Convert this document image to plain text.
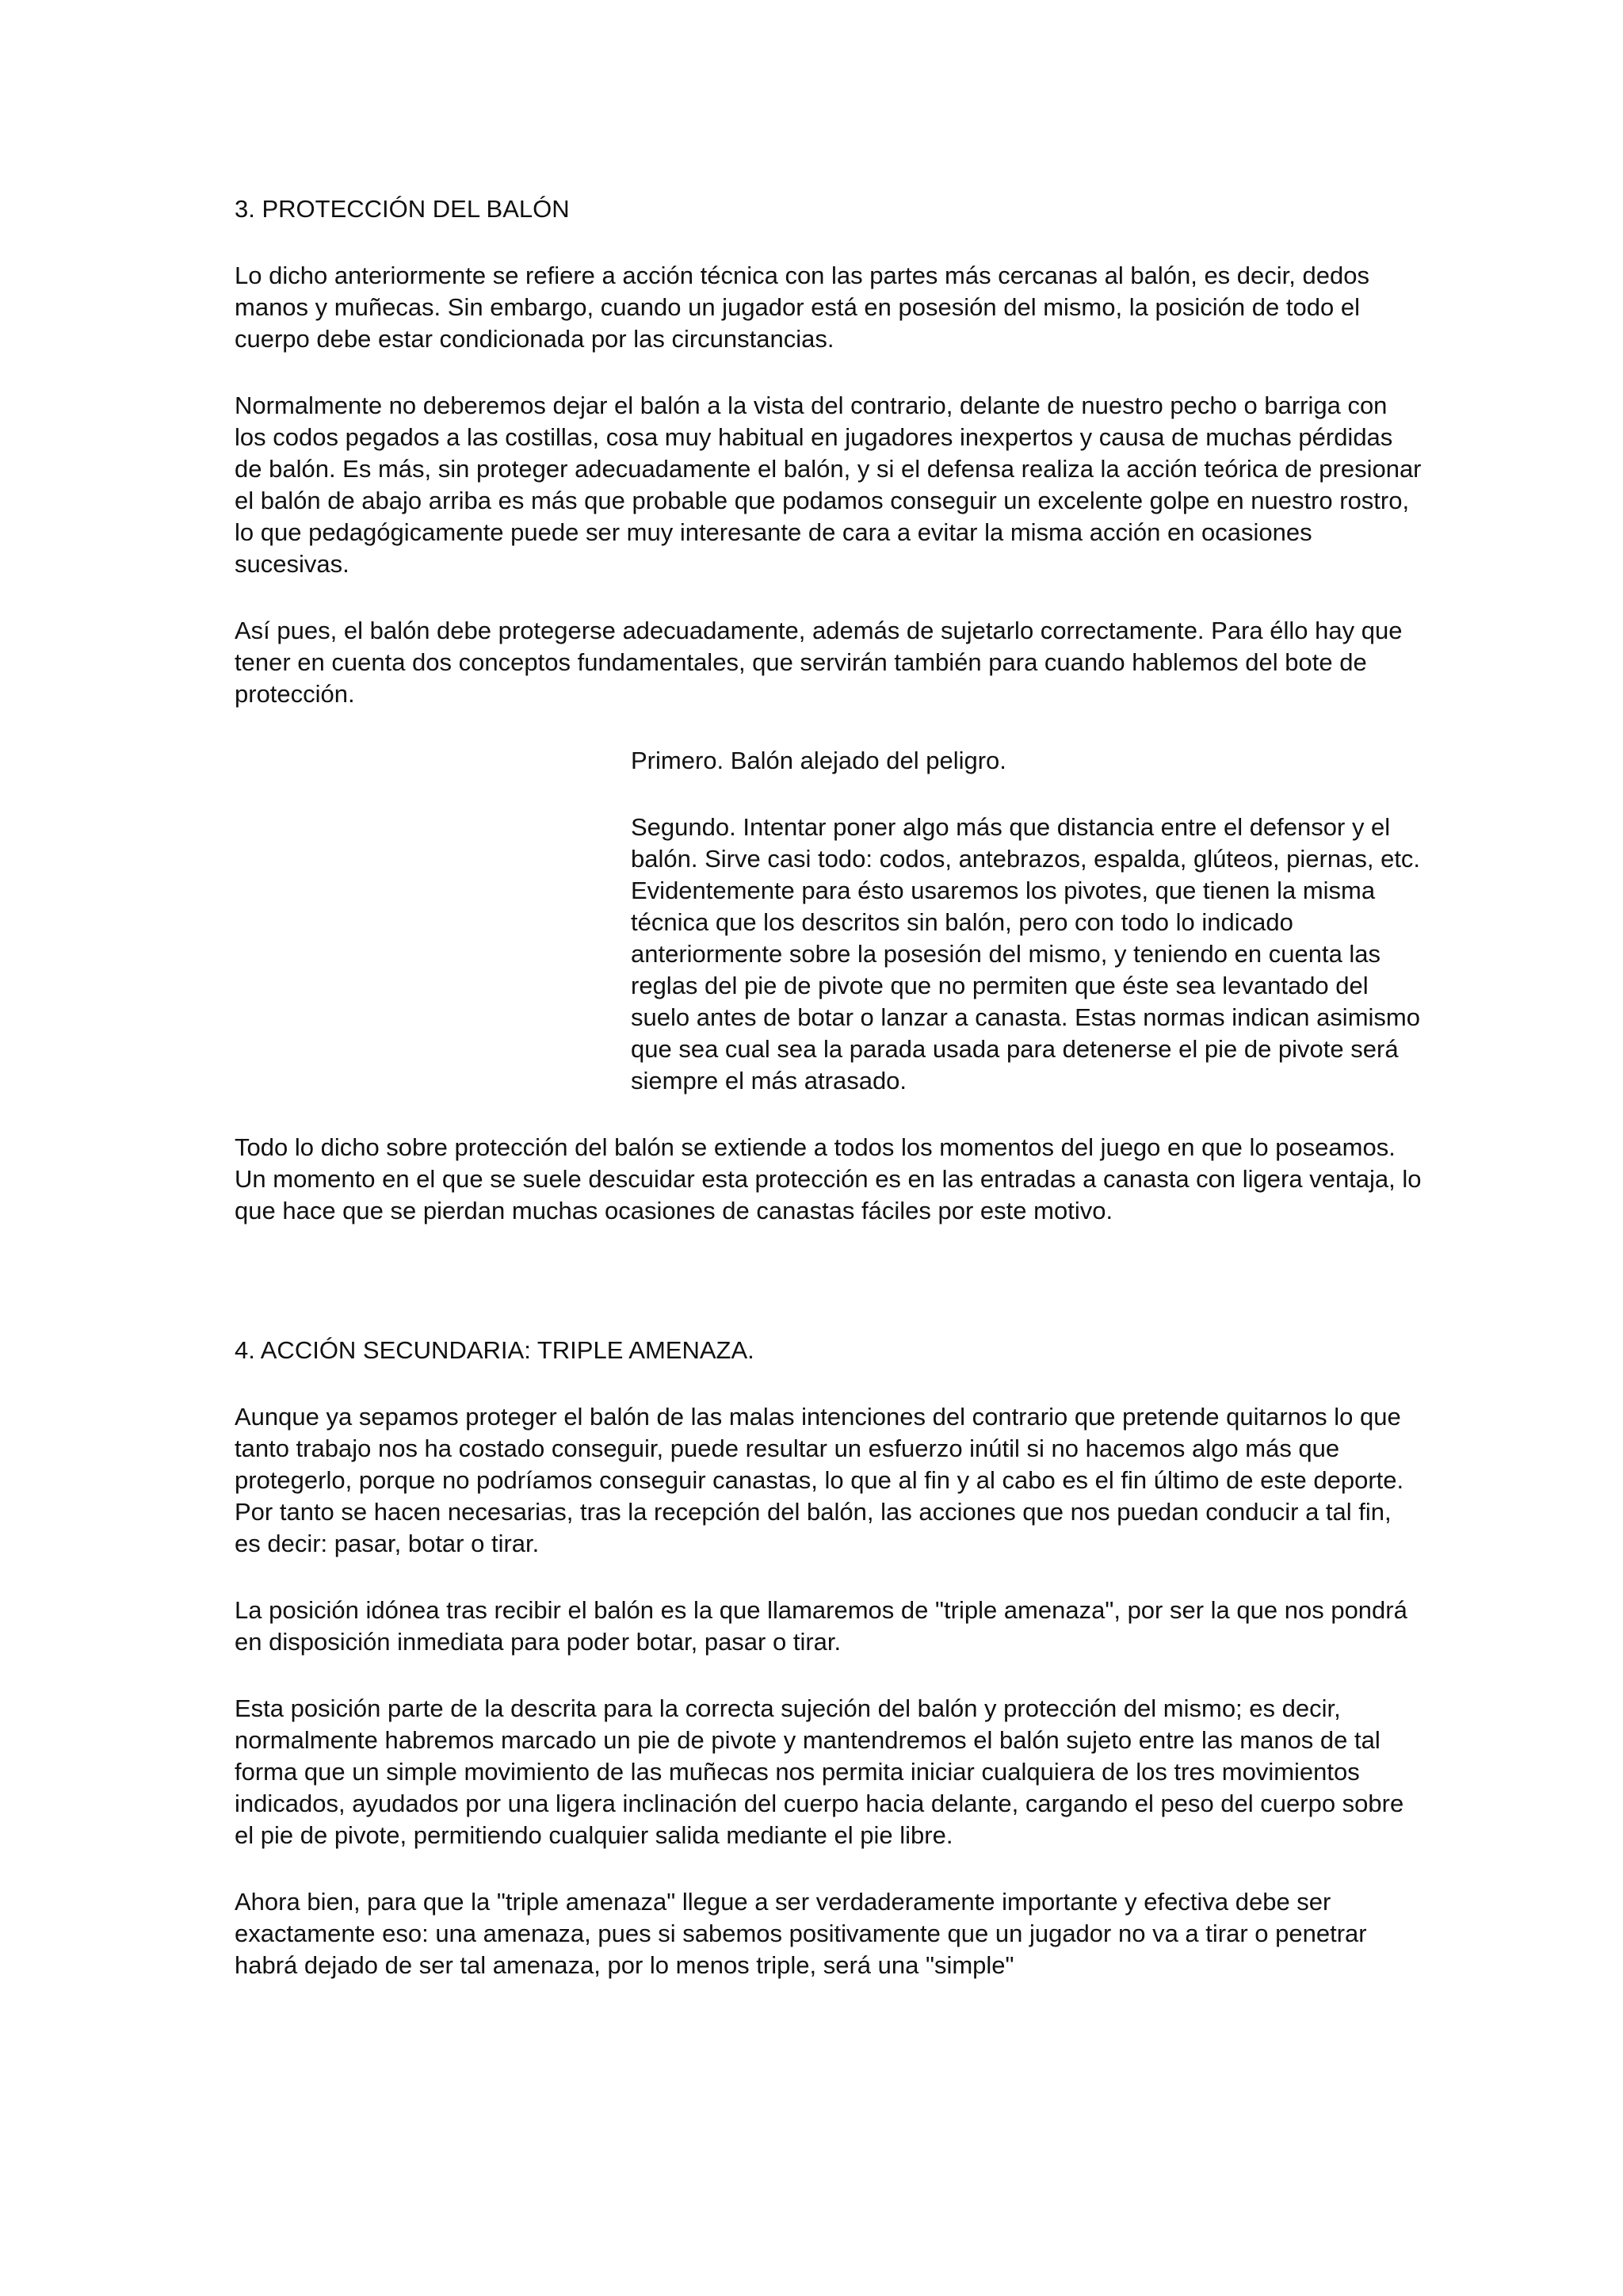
3. PROTECCIÓN DEL BALÓN
Lo dicho anteriormente se refiere a acción técnica con las partes más cercanas al balón, es decir, dedos manos y muñecas. Sin embargo, cuando un jugador está en posesión del mismo, la posición de todo el cuerpo debe estar condicionada por las circunstancias.
Normalmente no deberemos dejar el balón a la vista del contrario, delante de nuestro pecho o barriga con los codos pegados a las costillas, cosa muy habitual en jugadores inexpertos y causa de muchas pérdidas de balón. Es más, sin proteger adecuadamente el balón, y si el defensa realiza la acción teórica de presionar el balón de abajo arriba es más que probable que podamos conseguir un excelente golpe en nuestro rostro, lo que pedagógicamente puede ser muy interesante de cara a evitar la misma acción en ocasiones sucesivas.
Así pues, el balón debe protegerse adecuadamente, además de sujetarlo correctamente. Para éllo hay que tener en cuenta dos conceptos fundamentales, que servirán también para cuando hablemos del bote de protección.
Primero. Balón alejado del peligro.
Segundo. Intentar poner algo más que distancia entre el defensor y el balón. Sirve casi todo: codos, antebrazos, espalda, glúteos, piernas, etc. Evidentemente para ésto usaremos los pivotes, que tienen la misma técnica que los descritos sin balón, pero con todo lo indicado anteriormente sobre la posesión del mismo, y teniendo en cuenta las reglas del pie de pivote que no permiten que éste sea levantado del suelo antes de botar o lanzar a canasta. Estas normas indican asimismo que sea cual sea la parada usada para detenerse el pie de pivote será siempre el más atrasado.
Todo lo dicho sobre protección del balón se extiende a todos los momentos del juego en que lo poseamos. Un momento en el que se suele descuidar esta protección es en las entradas a canasta con ligera ventaja, lo que hace que se pierdan muchas ocasiones de canastas fáciles por este motivo.
4. ACCIÓN SECUNDARIA: TRIPLE AMENAZA.
Aunque ya sepamos proteger el balón de las malas intenciones del contrario que pretende quitarnos lo que tanto trabajo nos ha costado conseguir, puede resultar un esfuerzo inútil si no hacemos algo más que protegerlo, porque no podríamos conseguir canastas, lo que al fin y al cabo es el fin último de este deporte. Por tanto se hacen necesarias, tras la recepción del balón, las acciones que nos puedan conducir a tal fin, es decir: pasar, botar o tirar.
La posición idónea tras recibir el balón es la que llamaremos de "triple amenaza", por ser la que nos pondrá en disposición inmediata para poder botar, pasar o tirar.
Esta posición parte de la descrita para la correcta sujeción del balón y protección del mismo; es decir, normalmente habremos marcado un pie de pivote y mantendremos el balón sujeto entre las manos de tal forma que un simple movimiento de las muñecas nos permita iniciar cualquiera de los tres movimientos indicados, ayudados por una ligera inclinación del cuerpo hacia delante, cargando el peso del cuerpo sobre el pie de pivote, permitiendo cualquier salida mediante el pie libre.
Ahora bien, para que la "triple amenaza" llegue a ser verdaderamente importante y efectiva debe ser exactamente eso: una amenaza, pues si sabemos positivamente que un jugador no va a tirar o penetrar habrá dejado de ser tal amenaza, por lo menos triple, será una "simple"
